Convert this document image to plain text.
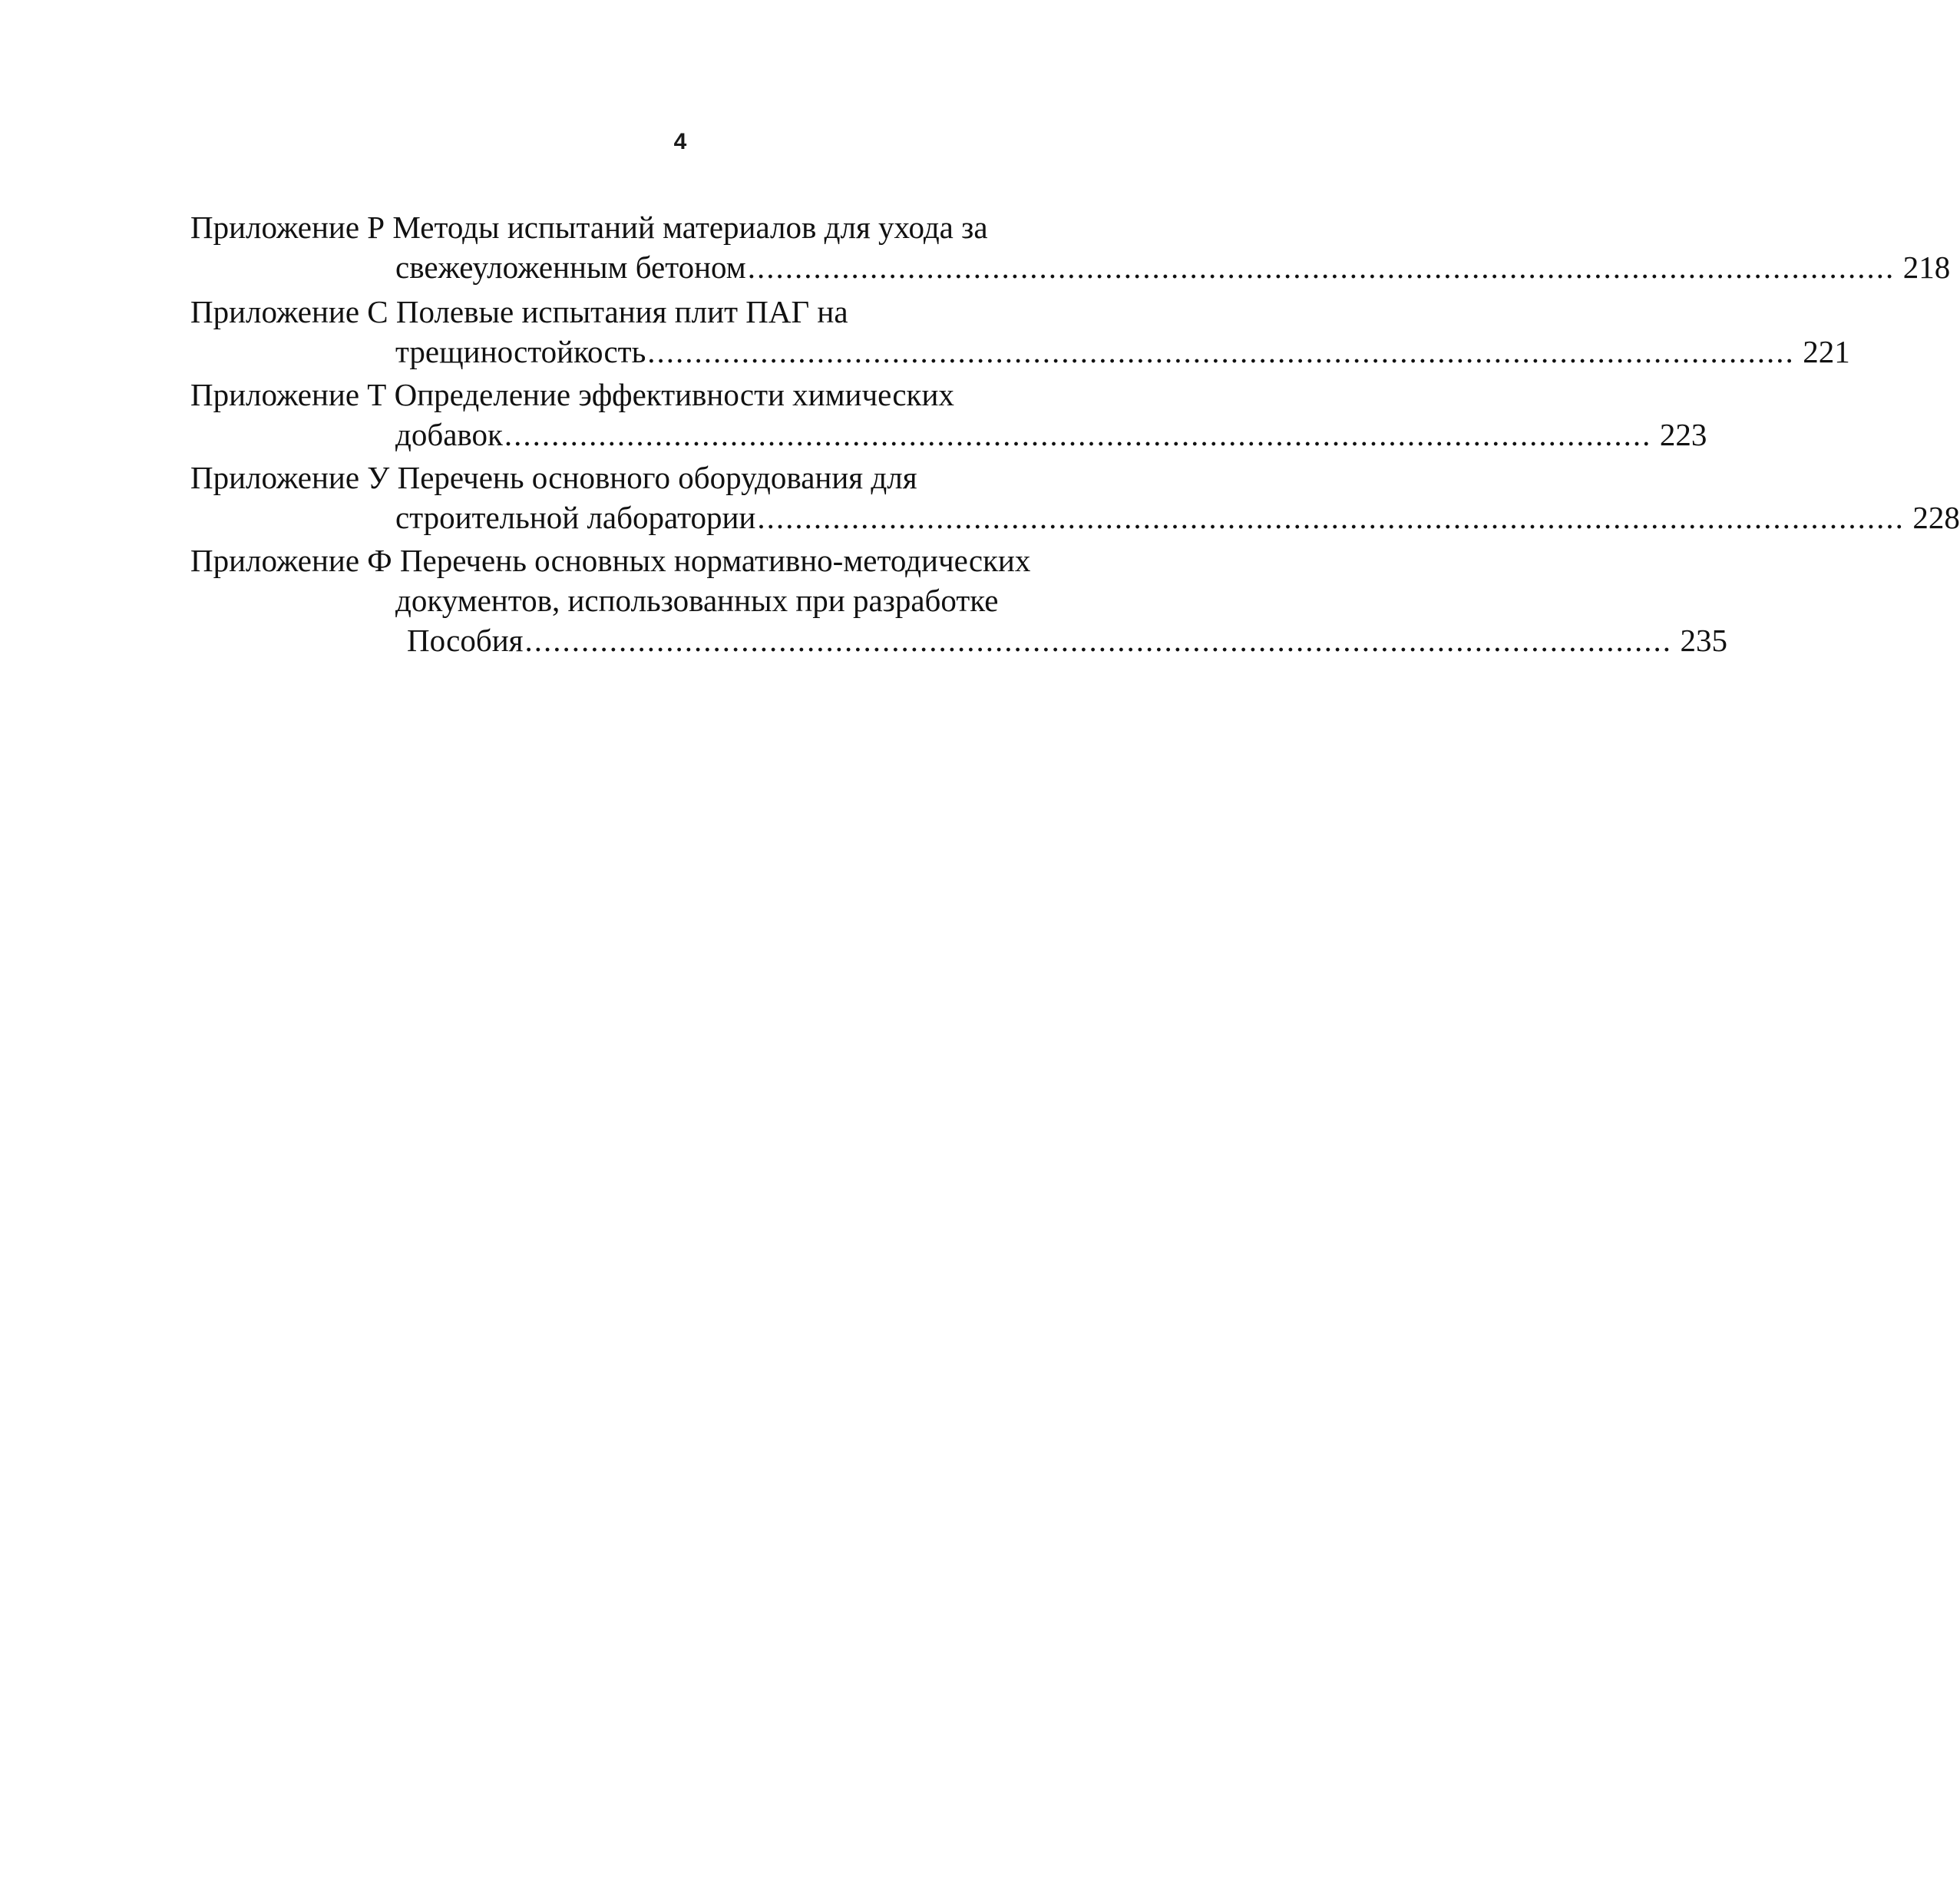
4
Приложение Р Методы испытаний материалов для ухода за
свежеуложенным бетоном .......................................................................................................................... 218
Приложение С Полевые испытания плит ПАГ на
трещиностойкость .......................................................................................................................... 221
Приложение Т Определение эффективности химических
добавок .......................................................................................................................... 223
Приложение У Перечень основного оборудования для
строительной лаборатории .......................................................................................................................... 228
Приложение Ф Перечень основных нормативно-методических
документов, использованных при разработке
Пособия .......................................................................................................................... 235
